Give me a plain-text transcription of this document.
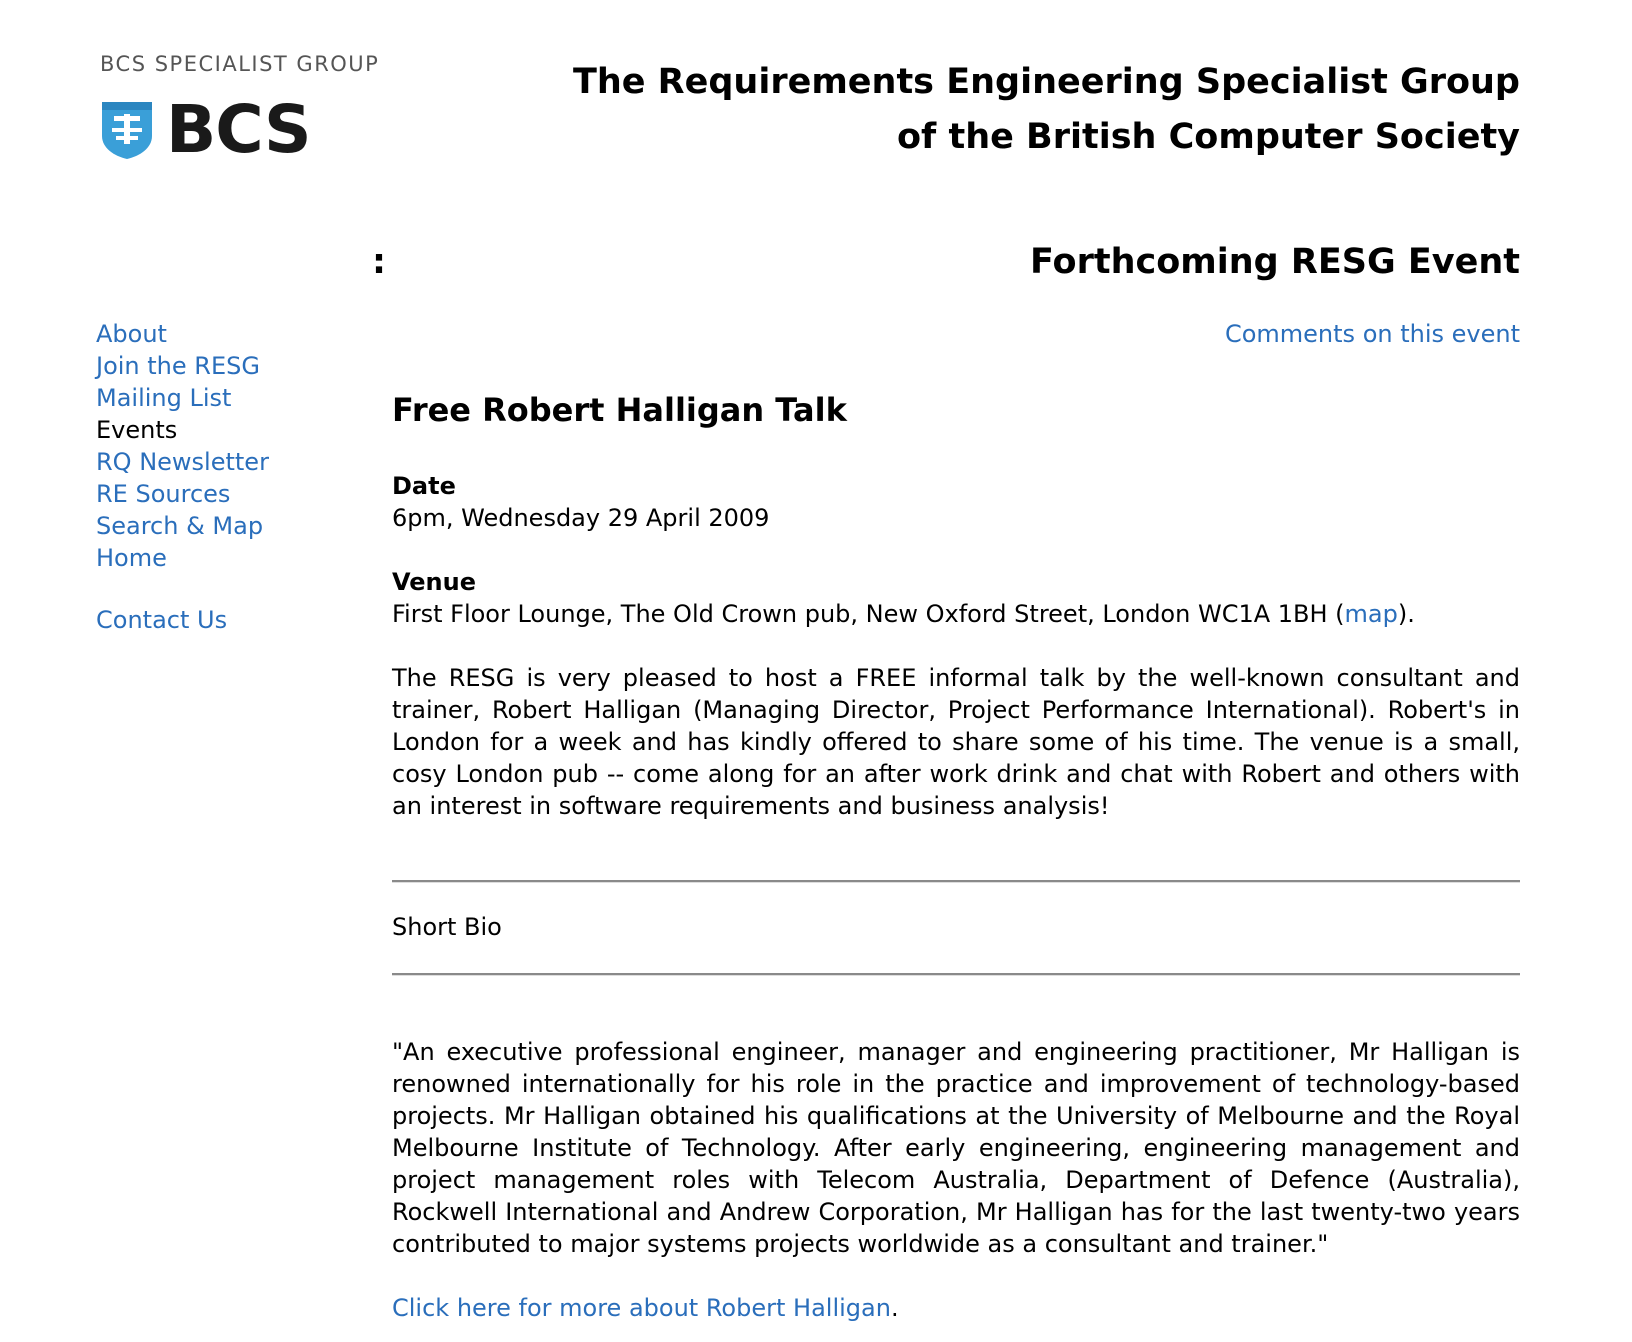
BCS SPECIALIST GROUP
BCS
The Requirements Engineering Specialist Group
of the British Computer Society
:	Forthcoming RESG Event
About
Join the RESG
Mailing List
Events
RQ Newsletter
RE Sources
Search & Map
Home
Contact Us
Comments on this event
Free Robert Halligan Talk
Date
6pm, Wednesday 29 April 2009
Venue
First Floor Lounge, The Old Crown pub, New Oxford Street, London WC1A 1BH (map).

The RESG is very pleased to host a FREE informal talk by the well-known consultant and trainer, Robert Halligan (Managing Director, Project Performance International). Robert's in London for a week and has kindly offered to share some of his time. The venue is a small, cosy London pub -- come along for an after work drink and chat with Robert and others with an interest in software requirements and business analysis!

Short Bio

"An executive professional engineer, manager and engineering practitioner, Mr Halligan is renowned internationally for his role in the practice and improvement of technology-based projects. Mr Halligan obtained his qualifications at the University of Melbourne and the Royal Melbourne Institute of Technology. After early engineering, engineering management and project management roles with Telecom Australia, Department of Defence (Australia), Rockwell International and Andrew Corporation, Mr Halligan has for the last twenty-two years contributed to major systems projects worldwide as a consultant and trainer."

Click here for more about Robert Halligan.
